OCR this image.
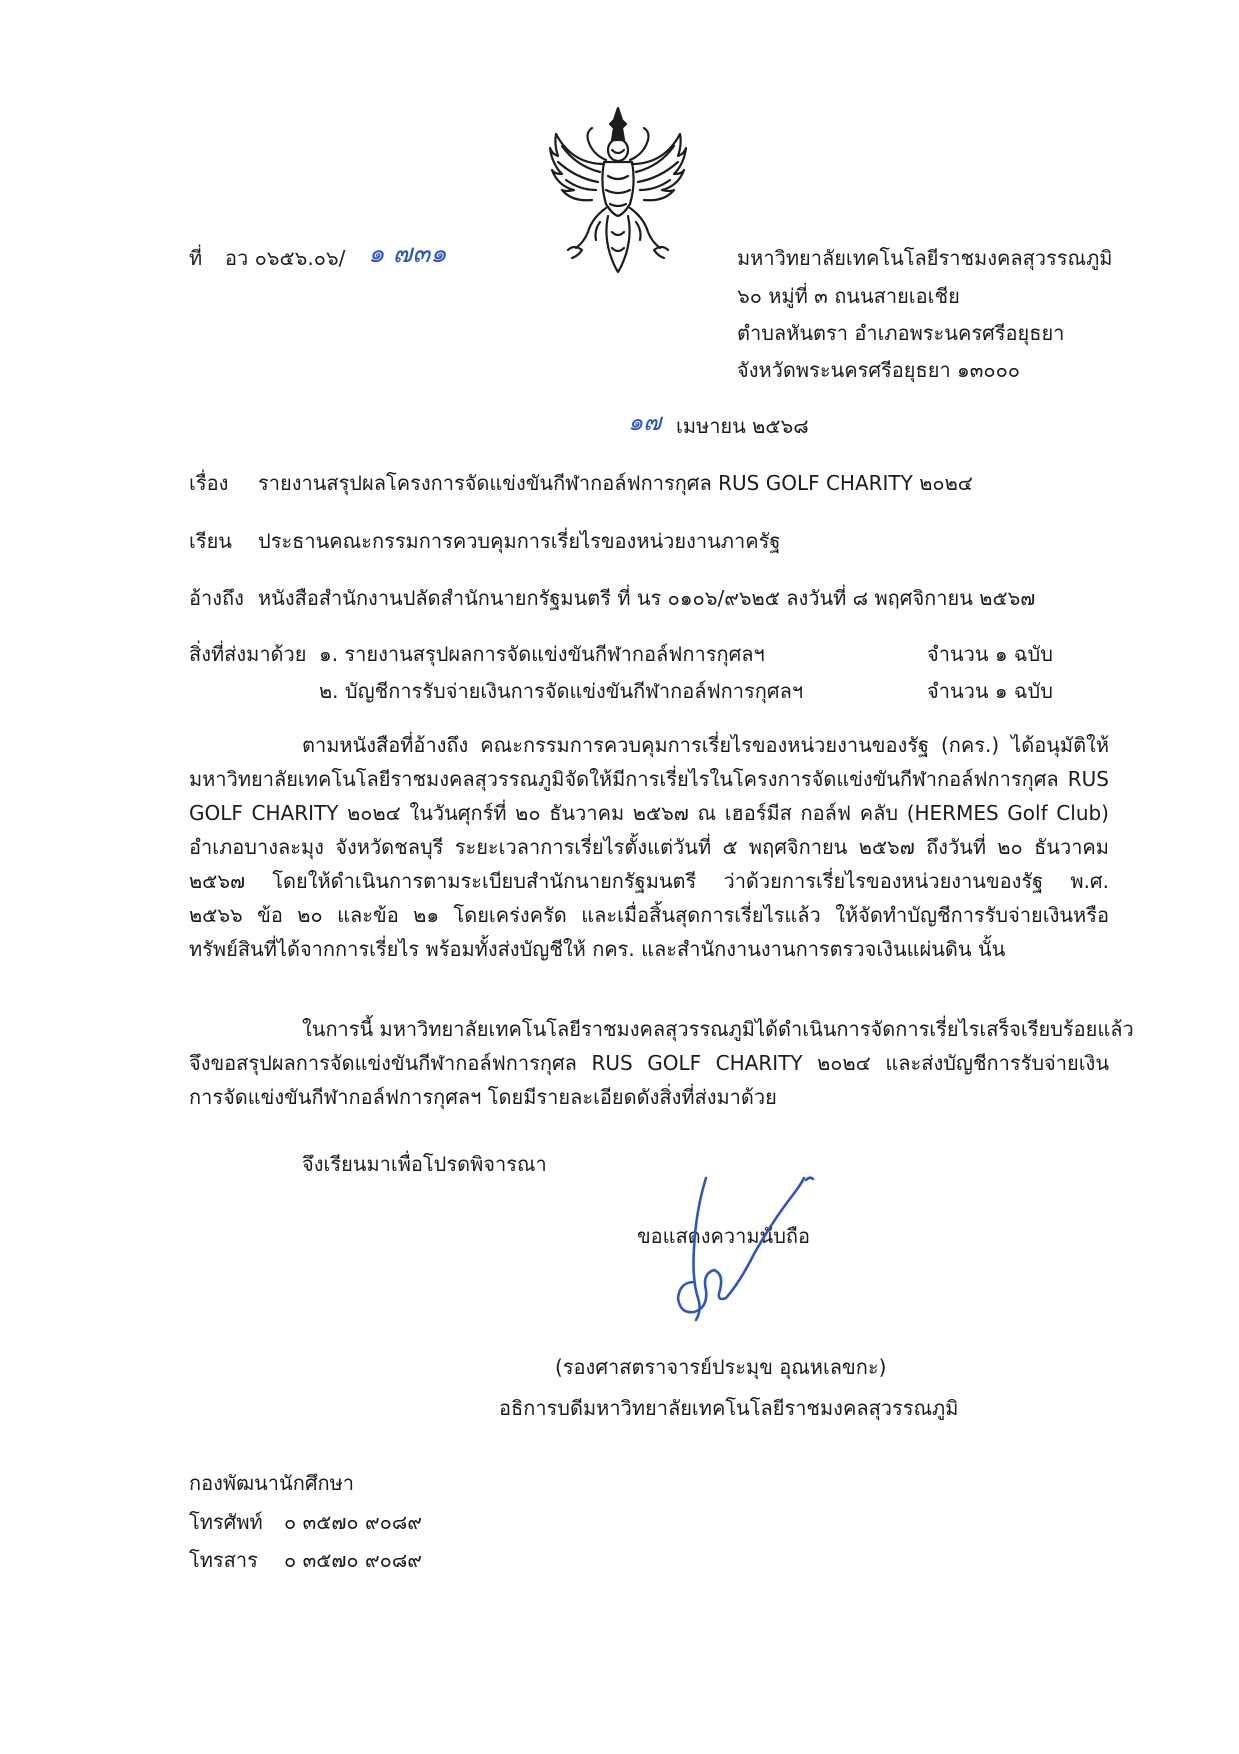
ที่ อว ๐๖๕๖.๐๖/ ๑ ๗๓๑	มหาวิทยาลัยเทคโนโลยีราชมงคลสุวรรณภูมิ
๖๐ หมู่ที่ ๓ ถนนสายเอเชีย
ตำบลหันตรา อำเภอพระนครศรีอยุธยา
จังหวัดพระนครศรีอยุธยา ๑๓๐๐๐
๑๗ เมษายน ๒๕๖๘
เรื่อง รายงานสรุปผลโครงการจัดแข่งขันกีฬากอล์ฟการกุศล RUS GOLF CHARITY ๒๐๒๔
เรียน ประธานคณะกรรมการควบคุมการเรี่ยไรของหน่วยงานภาครัฐ
อ้างถึง หนังสือสำนักงานปลัดสำนักนายกรัฐมนตรี ที่ นร ๐๑๐๖/๙๖๒๕ ลงวันที่ ๘ พฤศจิกายน ๒๕๖๗
สิ่งที่ส่งมาด้วย ๑. รายงานสรุปผลการจัดแข่งขันกีฬากอล์ฟการกุศลฯ	จำนวน ๑ ฉบับ
๒. บัญชีการรับจ่ายเงินการจัดแข่งขันกีฬากอล์ฟการกุศลฯ	จำนวน ๑ ฉบับ
ตามหนังสือที่อ้างถึง คณะกรรมการควบคุมการเรี่ยไรของหน่วยงานของรัฐ (กคร.) ได้อนุมัติให้
มหาวิทยาลัยเทคโนโลยีราชมงคลสุวรรณภูมิจัดให้มีการเรี่ยไรในโครงการจัดแข่งขันกีฬากอล์ฟการกุศล RUS
GOLF CHARITY ๒๐๒๔ ในวันศุกร์ที่ ๒๐ ธันวาคม ๒๕๖๗ ณ เฮอร์มีส กอล์ฟ คลับ (HERMES Golf Club)
อำเภอบางละมุง จังหวัดชลบุรี ระยะเวลาการเรี่ยไรตั้งแต่วันที่ ๕ พฤศจิกายน ๒๕๖๗ ถึงวันที่ ๒๐ ธันวาคม
๒๕๖๗ โดยให้ดำเนินการตามระเบียบสำนักนายกรัฐมนตรี ว่าด้วยการเรี่ยไรของหน่วยงานของรัฐ พ.ศ.
๒๕๖๖ ข้อ ๒๐ และข้อ ๒๑ โดยเคร่งครัด และเมื่อสิ้นสุดการเรี่ยไรแล้ว ให้จัดทำบัญชีการรับจ่ายเงินหรือ
ทรัพย์สินที่ได้จากการเรี่ยไร พร้อมทั้งส่งบัญชีให้ กคร. และสำนักงานงานการตรวจเงินแผ่นดิน นั้น
ในการนี้ มหาวิทยาลัยเทคโนโลยีราชมงคลสุวรรณภูมิได้ดำเนินการจัดการเรี่ยไรเสร็จเรียบร้อยแล้ว
จึงขอสรุปผลการจัดแข่งขันกีฬากอล์ฟการกุศล RUS GOLF CHARITY ๒๐๒๔ และส่งบัญชีการรับจ่ายเงิน
การจัดแข่งขันกีฬากอล์ฟการกุศลฯ โดยมีรายละเอียดดังสิ่งที่ส่งมาด้วย
จึงเรียนมาเพื่อโปรดพิจารณา
ขอแสดงความนับถือ
(รองศาสตราจารย์ประมุข อุณหเลขกะ)
อธิการบดีมหาวิทยาลัยเทคโนโลยีราชมงคลสุวรรณภูมิ
กองพัฒนานักศึกษา
โทรศัพท์ ๐ ๓๕๗๐ ๙๐๘๙
โทรสาร ๐ ๓๕๗๐ ๙๐๘๙
